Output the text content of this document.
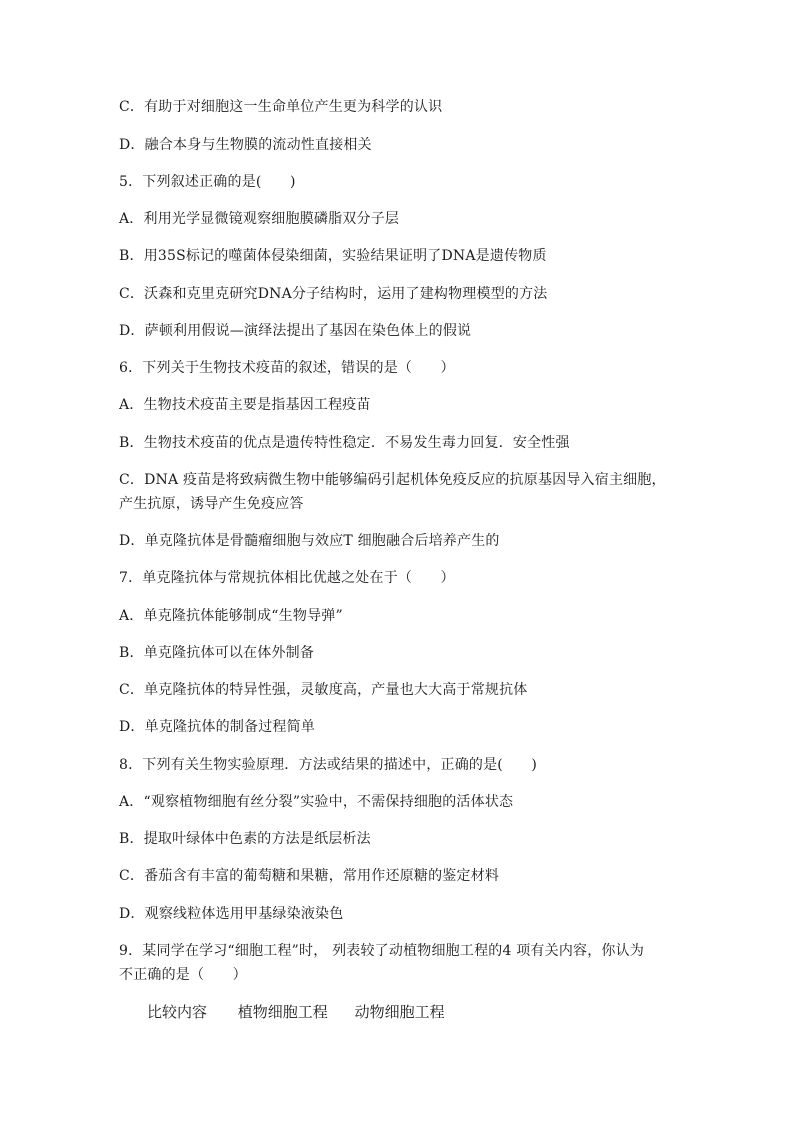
C．有助于对细胞这一生命单位产生更为科学的认识
D．融合本身与生物膜的流动性直接相关
5．下列叙述正确的是(　　)
A．利用光学显微镜观察细胞膜磷脂双分子层
B．用35S标记的噬菌体侵染细菌，实验结果证明了DNA是遗传物质
C．沃森和克里克研究DNA分子结构时，运用了建构物理模型的方法
D．萨顿利用假说—演绎法提出了基因在染色体上的假说
6．下列关于生物技术疫苗的叙述，错误的是（　　）
A．生物技术疫苗主要是指基因工程疫苗
B．生物技术疫苗的优点是遗传特性稳定．不易发生毒力回复．安全性强
C．DNA 疫苗是将致病微生物中能够编码引起机体免疫反应的抗原基因导入宿主细胞，
产生抗原，诱导产生免疫应答
D．单克隆抗体是骨髓瘤细胞与效应T 细胞融合后培养产生的
7．单克隆抗体与常规抗体相比优越之处在于（　　）
A．单克隆抗体能够制成“生物导弹”
B．单克隆抗体可以在体外制备
C．单克隆抗体的特异性强，灵敏度高，产量也大大高于常规抗体
D．单克隆抗体的制备过程简单
8．下列有关生物实验原理．方法或结果的描述中，正确的是(　　)
A．“观察植物细胞有丝分裂”实验中，不需保持细胞的活体状态
B．提取叶绿体中色素的方法是纸层析法
C．番茄含有丰富的葡萄糖和果糖，常用作还原糖的鉴定材料
D．观察线粒体选用甲基绿染液染色
9．某同学在学习“细胞工程”时， 列表较了动植物细胞工程的4 项有关内容，你认为
不正确的是（　　）
比较内容 植物细胞工程 动物细胞工程
